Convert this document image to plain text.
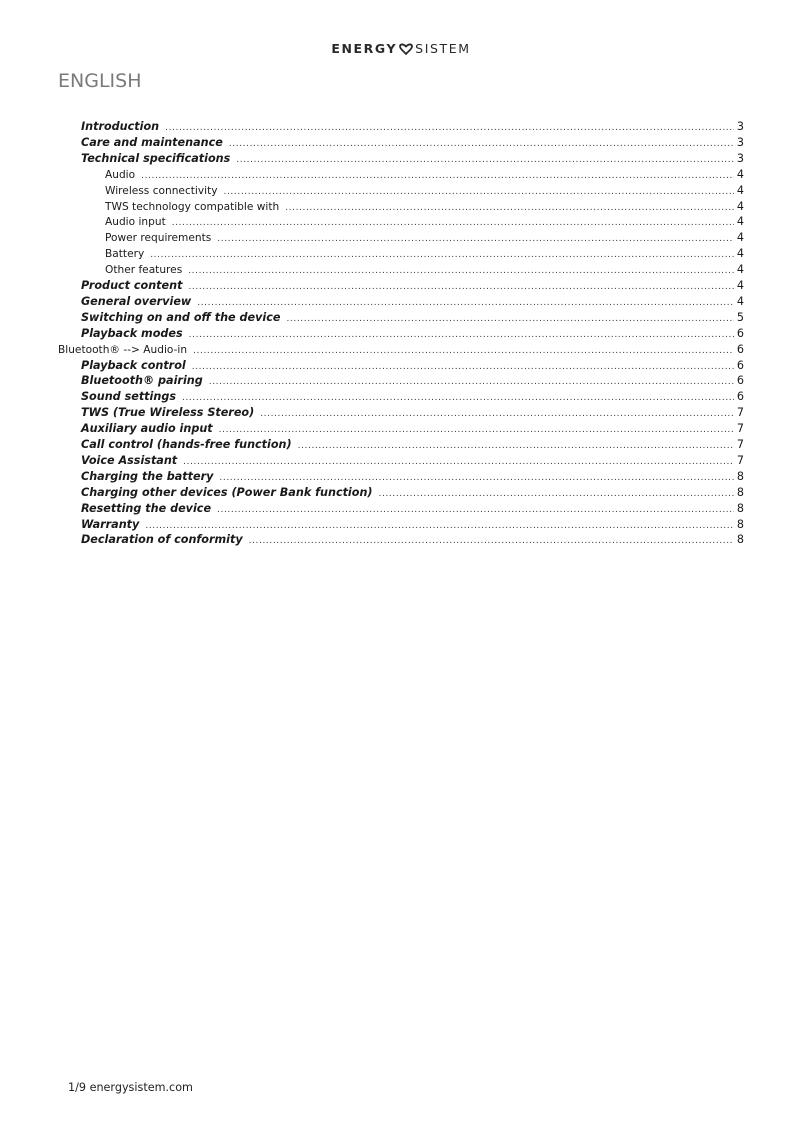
ENERGY SISTEM
ENGLISH
Introduction .....	3
Care and maintenance .....	3
Technical specifications .....	3
Audio .....	4
Wireless connectivity .....	4
TWS technology compatible with .....	4
Audio input .....	4
Power requirements .....	4
Battery .....	4
Other features .....	4
Product content .....	4
General overview .....	4
Switching on and off the device .....	5
Playback modes .....	6
Bluetooth® --> Audio-in .....	6
Playback control .....	6
Bluetooth® pairing .....	6
Sound settings .....	6
TWS (True Wireless Stereo) .....	7
Auxiliary audio input .....	7
Call control (hands-free function) .....	7
Voice Assistant .....	7
Charging the battery .....	8
Charging other devices (Power Bank function) .....	8
Resetting the device .....	8
Warranty .....	8
Declaration of conformity .....	8
1/9 energysistem.com
